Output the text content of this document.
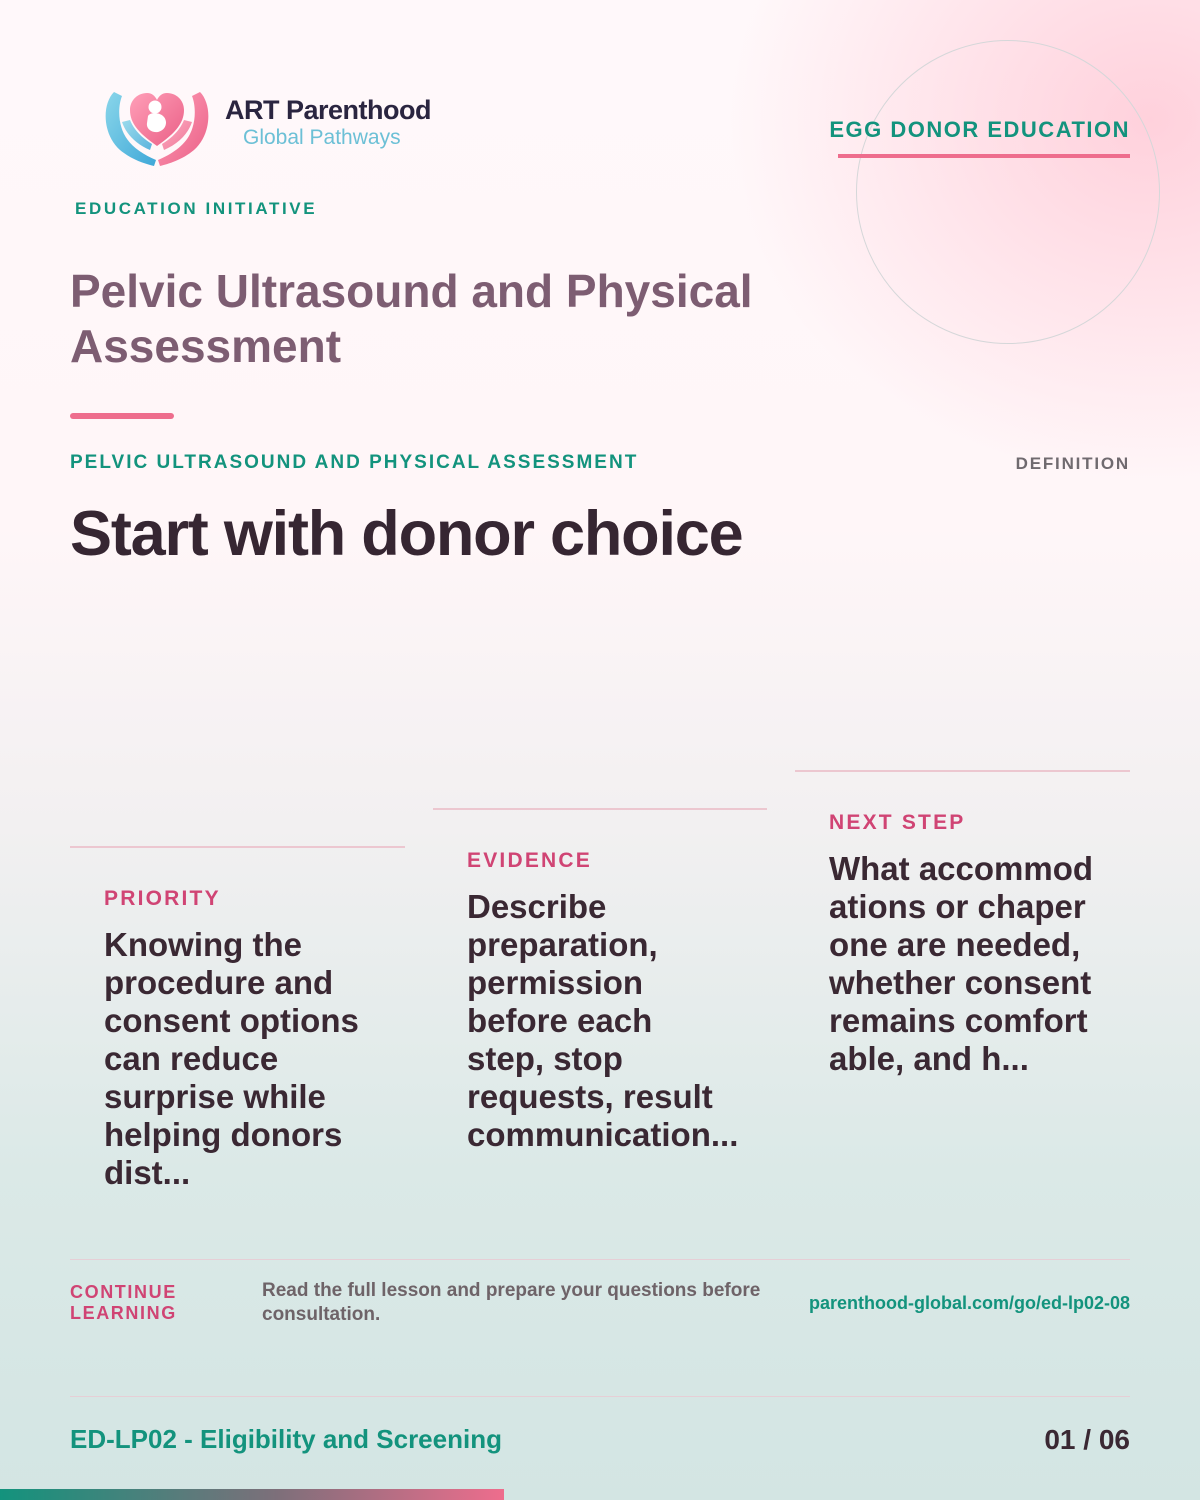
ART Parenthood
Global Pathways
EDUCATION INITIATIVE
EGG DONOR EDUCATION
Pelvic Ultrasound and Physical Assessment
PELVIC ULTRASOUND AND PHYSICAL ASSESSMENT	DEFINITION
Start with donor choice
PRIORITY
Knowing the procedure and consent options can reduce surprise while helping donors dist...
EVIDENCE
Describe preparation, permission before each step, stop requests, result communication...
NEXT STEP
What accommodations or chaperone are needed, whether consent remains comfortable, and h...
CONTINUE LEARNING
Read the full lesson and prepare your questions before consultation.
parenthood-global.com/go/ed-lp02-08
ED-LP02 - Eligibility and Screening	01 / 06
